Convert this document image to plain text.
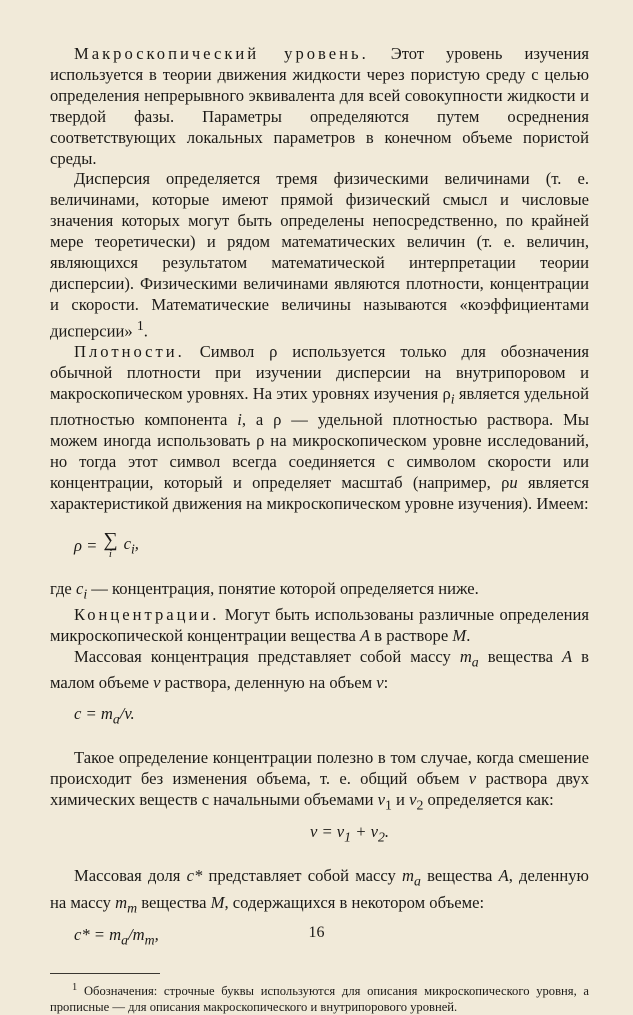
Макроскопический уровень. Этот уровень изучения используется в теории движения жидкости через пористую среду с целью определения непрерывного эквивалента для всей совокупности жидкости и твердой фазы. Параметры определяются путем осреднения соответствующих локальных параметров в конечном объеме пористой среды.

Дисперсия определяется тремя физическими величинами (т. е. величинами, которые имеют прямой физический смысл и числовые значения которых могут быть определены непосредственно, по крайней мере теоретически) и рядом математических величин (т. е. величин, являющихся результатом математической интерпретации теории дисперсии). Физическими величинами являются плотности, концентрации и скорости. Математические величины называются «коэффициентами дисперсии» $^1$.

Плотности. Символ ρ используется только для обозначения обычной плотности при изучении дисперсии на внутрипоровом и макроскопическом уровнях. На этих уровнях изучения $\rho_i$ является удельной плотностью компонента i, а ρ — удельной плотностью раствора. Мы можем иногда использовать ρ на микроскопическом уровне исследований, но тогда этот символ всегда соединяется с символом скорости или концентрации, который и определяет масштаб (например, ρu является характеристикой движения на микроскопическом уровне изучения). Имеем:

ρ = ∑
i
$c_i$,

где $c_i$ — концентрация, понятие которой определяется ниже.

Концентрации. Могут быть использованы различные определения микроскопической концентрации вещества A в растворе M.

Массовая концентрация представляет собой массу $m_a$ вещества A в малом объеме v раствора, деленную на объем v:

$c = m_a/v$.

Такое определение концентрации полезно в том случае, когда смешение происходит без изменения объема, т. е. общий объем v раствора двух химических веществ с начальными объемами $v_1$ и $v_2$ определяется как:

$v = v_1 + v_2$.

Массовая доля c* представляет собой массу $m_a$ вещества A, деленную на массу $m_m$ вещества M, содержащихся в некотором объеме:

$c* = m_a/m_m$,

$^1$ Обозначения: строчные буквы используются для описания микроскопического уровня, а прописные — для описания макроскопического и внутрипорового уровней.

16
